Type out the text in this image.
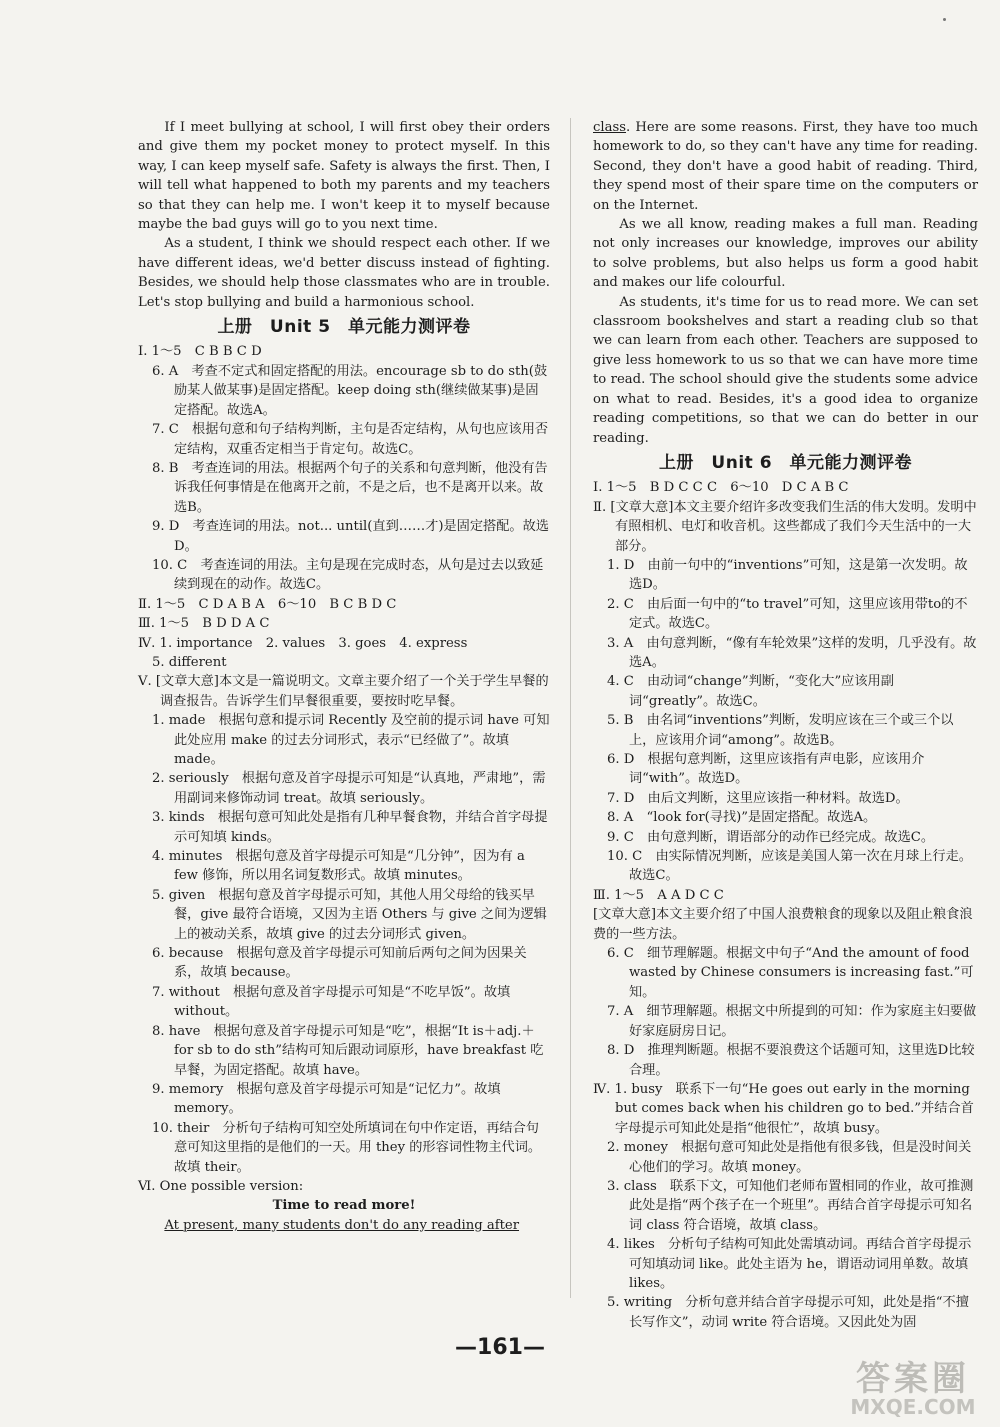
If I meet bullying at school, I will first obey their orders and give them my pocket money to protect myself. In this way, I can keep myself safe. Safety is always the first. Then, I will tell what happened to both my parents and my teachers so that they can help me. I won't keep it to myself because maybe the bad guys will go to you next time.

As a student, I think we should respect each other. If we have different ideas, we'd better discuss instead of fighting. Besides, we should help those classmates who are in trouble. Let's stop bullying and build a harmonious school.

上册　Unit 5　单元能力测评卷

Ⅰ. 1～5　C B B C D

6. A　考查不定式和固定搭配的用法。encourage sb to do sth(鼓励某人做某事)是固定搭配。keep doing sth(继续做某事)是固定搭配。故选A。

7. C　根据句意和句子结构判断，主句是否定结构，从句也应该用否定结构，双重否定相当于肯定句。故选C。

8. B　考查连词的用法。根据两个句子的关系和句意判断，他没有告诉我任何事情是在他离开之前，不是之后，也不是离开以来。故选B。

9. D　考查连词的用法。not... until(直到……才)是固定搭配。故选D。

10. C　考查连词的用法。主句是现在完成时态，从句是过去以致延续到现在的动作。故选C。

Ⅱ. 1～5　C D A B A　6～10　B C B D C

Ⅲ. 1～5　B D D A C

Ⅳ. 1. importance　2. values　3. goes　4. express

5. different

Ⅴ. [文章大意]本文是一篇说明文。文章主要介绍了一个关于学生早餐的调查报告。告诉学生们早餐很重要，要按时吃早餐。

1. made　根据句意和提示词 Recently 及空前的提示词 have 可知此处应用 make 的过去分词形式，表示“已经做了”。故填 made。

2. seriously　根据句意及首字母提示可知是“认真地，严肃地”，需用副词来修饰动词 treat。故填 seriously。

3. kinds　根据句意可知此处是指有几种早餐食物，并结合首字母提示可知填 kinds。

4. minutes　根据句意及首字母提示可知是“几分钟”，因为有 a few 修饰，所以用名词复数形式。故填 minutes。

5. given　根据句意及首字母提示可知，其他人用父母给的钱买早餐，give 最符合语境，又因为主语 Others 与 give 之间为逻辑上的被动关系，故填 give 的过去分词形式 given。

6. because　根据句意及首字母提示可知前后两句之间为因果关系，故填 because。

7. without　根据句意及首字母提示可知是“不吃早饭”。故填 without。

8. have　根据句意及首字母提示可知是“吃”，根据“It is＋adj.＋for sb to do sth”结构可知后跟动词原形，have breakfast 吃早餐，为固定搭配。故填 have。

9. memory　根据句意及首字母提示可知是“记忆力”。故填 memory。

10. their　分析句子结构可知空处所填词在句中作定语，再结合句意可知这里指的是他们的一天。用 they 的形容词性物主代词。故填 their。

Ⅵ. One possible version:

Time to read more!

At present, many students don't do any reading after

class. Here are some reasons. First, they have too much homework to do, so they can't have any time for reading. Second, they don't have a good habit of reading. Third, they spend most of their spare time on the computers or on the Internet.

As we all know, reading makes a full man. Reading not only increases our knowledge, improves our ability to solve problems, but also helps us form a good habit and makes our life colourful.

As students, it's time for us to read more. We can set classroom bookshelves and start a reading club so that we can learn from each other. Teachers are supposed to give less homework to us so that we can have more time to read. The school should give the students some advice on what to read. Besides, it's a good idea to organize reading competitions, so that we can do better in our reading.

上册　Unit 6　单元能力测评卷

Ⅰ. 1～5　B D C C C　6～10　D C A B C

Ⅱ. [文章大意]本文主要介绍许多改变我们生活的伟大发明。发明中有照相机、电灯和收音机。这些都成了我们今天生活中的一大部分。

1. D　由前一句中的“inventions”可知，这是第一次发明。故选D。

2. C　由后面一句中的“to travel”可知，这里应该用带to的不定式。故选C。

3. A　由句意判断，“像有车轮效果”这样的发明，几乎没有。故选A。

4. C　由动词“change”判断，“变化大”应该用副词“greatly”。故选C。

5. B　由名词“inventions”判断，发明应该在三个或三个以上，应该用介词“among”。故选B。

6. D　根据句意判断，这里应该指有声电影，应该用介词“with”。故选D。

7. D　由后文判断，这里应该指一种材料。故选D。

8. A　“look for(寻找)”是固定搭配。故选A。

9. C　由句意判断，谓语部分的动作已经完成。故选C。

10. C　由实际情况判断，应该是美国人第一次在月球上行走。故选C。

Ⅲ. 1～5　A A D C C

[文章大意]本文主要介绍了中国人浪费粮食的现象以及阻止粮食浪费的一些方法。

6. C　细节理解题。根据文中句子“And the amount of food wasted by Chinese consumers is increasing fast.”可知。

7. A　细节理解题。根据文中所提到的可知：作为家庭主妇要做好家庭厨房日记。

8. D　推理判断题。根据不要浪费这个话题可知，这里选D比较合理。

Ⅳ. 1. busy　联系下一句“He goes out early in the morning but comes back when his children go to bed.”并结合首字母提示可知此处是指“他很忙”，故填 busy。

2. money　根据句意可知此处是指他有很多钱，但是没时间关心他们的学习。故填 money。

3. class　联系下文，可知他们老师布置相同的作业，故可推测此处是指“两个孩子在一个班里”。再结合首字母提示可知名词 class 符合语境，故填 class。

4. likes　分析句子结构可知此处需填动词。再结合首字母提示可知填动词 like。此处主语为 he，谓语动词用单数。故填 likes。

5. writing　分析句意并结合首字母提示可知，此处是指“不擅长写作文”，动词 write 符合语境。又因此处为固

—161—
答案圈
MXQE.COM
